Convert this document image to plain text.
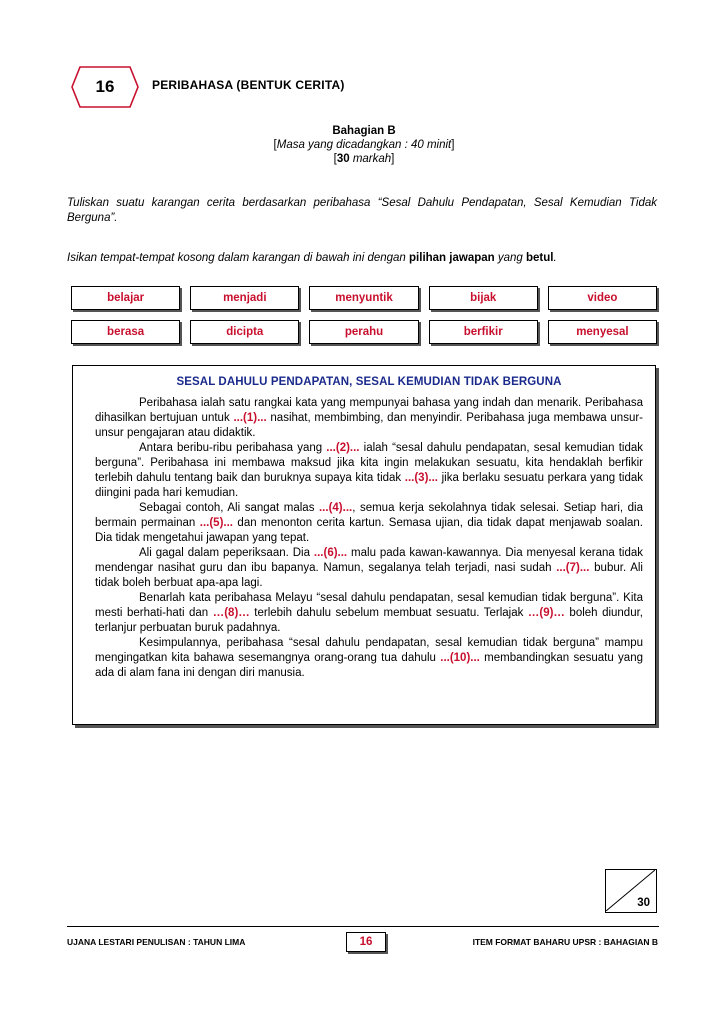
16	PERIBAHASA (BENTUK CERITA)
Bahagian B
[Masa yang dicadangkan : 40 minit]
[30 markah]
Tuliskan suatu karangan cerita berdasarkan peribahasa “Sesal Dahulu Pendapatan, Sesal Kemudian Tidak Berguna”.
Isikan tempat-tempat kosong dalam karangan di bawah ini dengan pilihan jawapan yang betul.
belajar	menjadi	menyuntik	bijak	video
berasa	dicipta	perahu	berfikir	menyesal
SESAL DAHULU PENDAPATAN, SESAL KEMUDIAN TIDAK BERGUNA

Peribahasa ialah satu rangkai kata yang mempunyai bahasa yang indah dan menarik. Peribahasa dihasilkan bertujuan untuk ...(1)... nasihat, membimbing, dan menyindir. Peribahasa juga membawa unsur-unsur pengajaran atau didaktik.

Antara beribu-ribu peribahasa yang ...(2)... ialah “sesal dahulu pendapatan, sesal kemudian tidak berguna”. Peribahasa ini membawa maksud jika kita ingin melakukan sesuatu, kita hendaklah berfikir terlebih dahulu tentang baik dan buruknya supaya kita tidak ...(3)... jika berlaku sesuatu perkara yang tidak diingini pada hari kemudian.

Sebagai contoh, Ali sangat malas ...(4)..., semua kerja sekolahnya tidak selesai. Setiap hari, dia bermain permainan ...(5)... dan menonton cerita kartun. Semasa ujian, dia tidak dapat menjawab soalan. Dia tidak mengetahui jawapan yang tepat.

Ali gagal dalam peperiksaan. Dia ...(6)... malu pada kawan-kawannya. Dia menyesal kerana tidak mendengar nasihat guru dan ibu bapanya. Namun, segalanya telah terjadi, nasi sudah ...(7)... bubur. Ali tidak boleh berbuat apa-apa lagi.

Benarlah kata peribahasa Melayu “sesal dahulu pendapatan, sesal kemudian tidak berguna”. Kita mesti berhati-hati dan …(8)… terlebih dahulu sebelum membuat sesuatu. Terlajak …(9)… boleh diundur, terlanjur perbuatan buruk padahnya.

Kesimpulannya, peribahasa “sesal dahulu pendapatan, sesal kemudian tidak berguna” mampu mengingatkan kita bahawa sesemangnya orang-orang tua dahulu ...(10)... membandingkan sesuatu yang ada di alam fana ini dengan diri manusia.

30
UJANA LESTARI PENULISAN : TAHUN LIMA	16	ITEM FORMAT BAHARU UPSR : BAHAGIAN B
